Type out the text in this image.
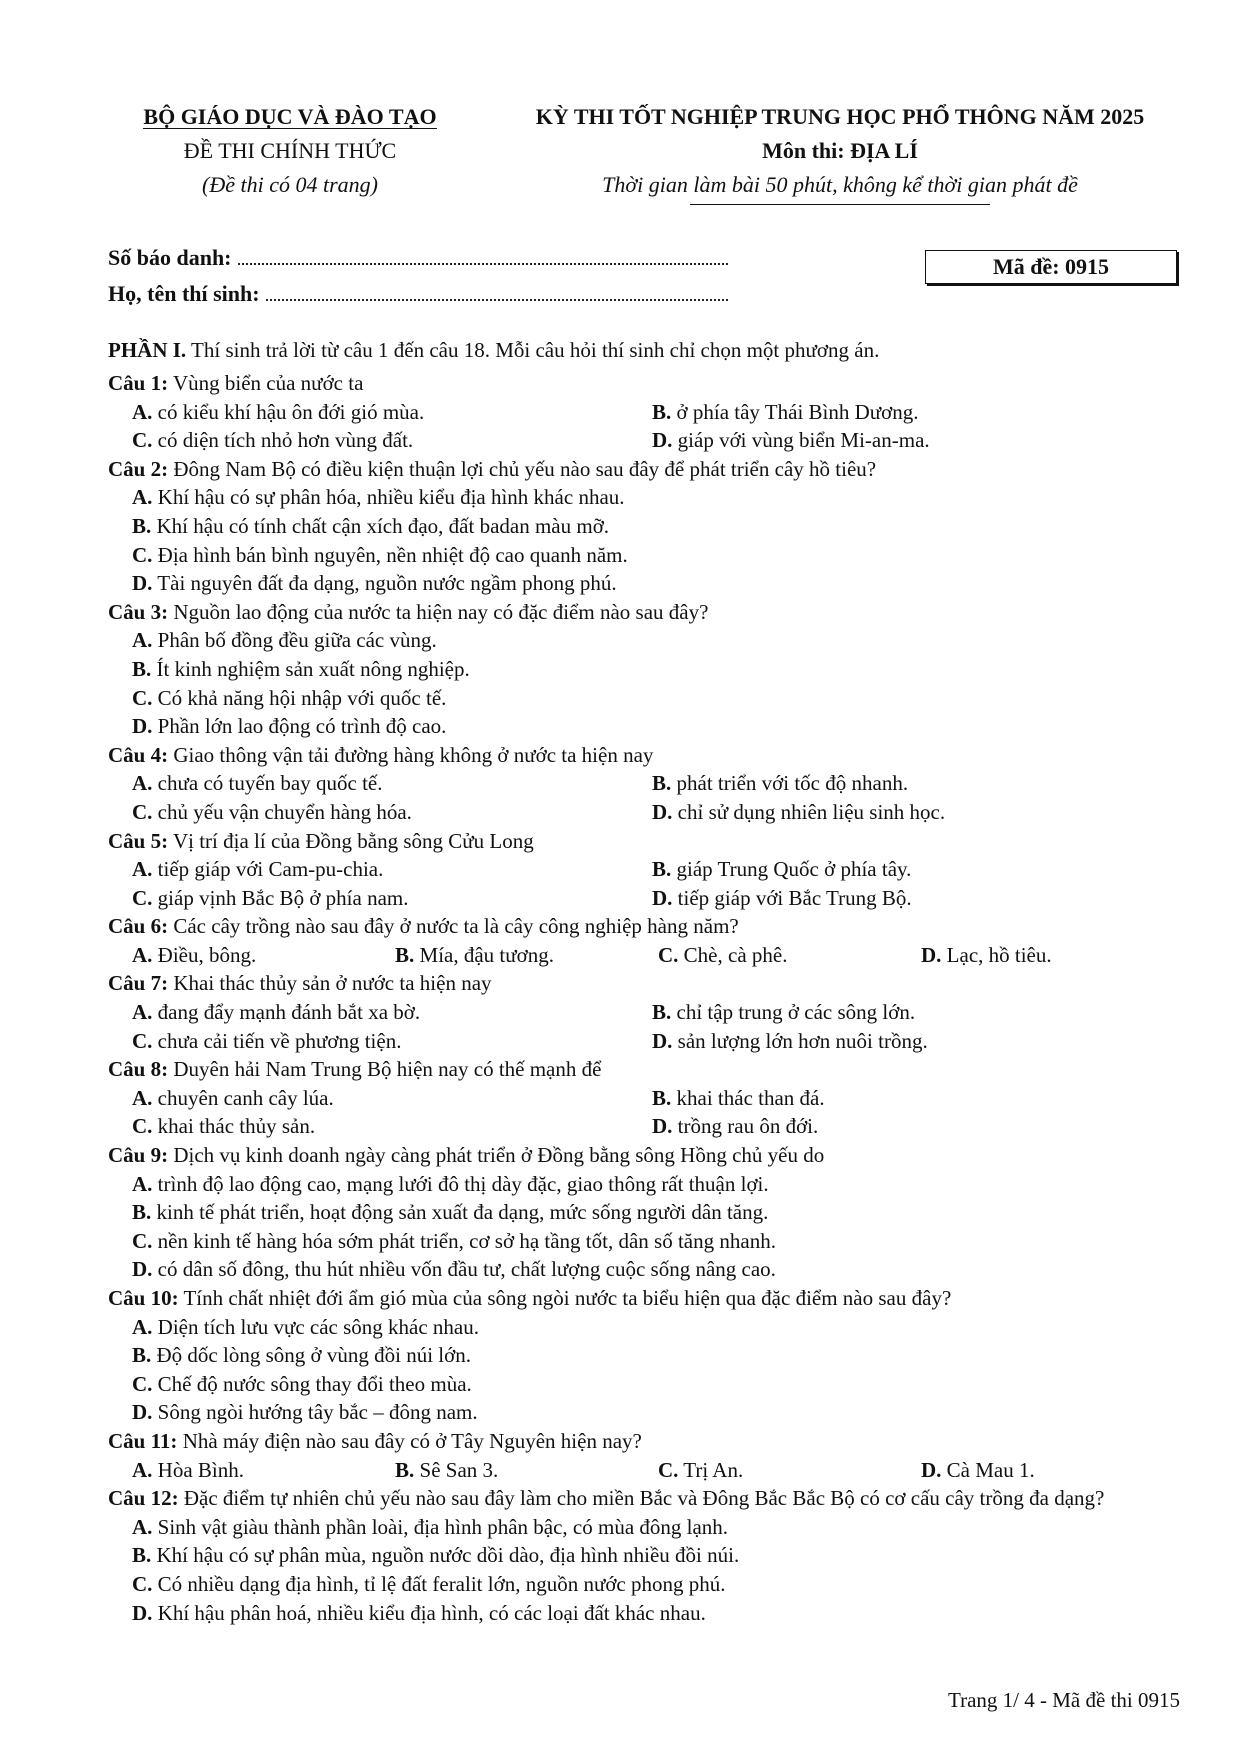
BỘ GIÁO DỤC VÀ ĐÀO TẠO
ĐỀ THI CHÍNH THỨC
(Đề thi có 04 trang)
KỲ THI TỐT NGHIỆP TRUNG HỌC PHỔ THÔNG NĂM 2025
Môn thi: ĐỊA LÍ
Thời gian làm bài 50 phút, không kể thời gian phát đề
Số báo danh:
Họ, tên thí sinh:
Mã đề: 0915
PHẦN I. Thí sinh trả lời từ câu 1 đến câu 18. Mỗi câu hỏi thí sinh chỉ chọn một phương án.
Câu 1: Vùng biển của nước ta
A. có kiểu khí hậu ôn đới gió mùa.	B. ở phía tây Thái Bình Dương.
C. có diện tích nhỏ hơn vùng đất.	D. giáp với vùng biển Mi-an-ma.
Câu 2: Đông Nam Bộ có điều kiện thuận lợi chủ yếu nào sau đây để phát triển cây hồ tiêu?
A. Khí hậu có sự phân hóa, nhiều kiểu địa hình khác nhau.
B. Khí hậu có tính chất cận xích đạo, đất badan màu mỡ.
C. Địa hình bán bình nguyên, nền nhiệt độ cao quanh năm.
D. Tài nguyên đất đa dạng, nguồn nước ngầm phong phú.
Câu 3: Nguồn lao động của nước ta hiện nay có đặc điểm nào sau đây?
A. Phân bố đồng đều giữa các vùng.
B. Ít kinh nghiệm sản xuất nông nghiệp.
C. Có khả năng hội nhập với quốc tế.
D. Phần lớn lao động có trình độ cao.
Câu 4: Giao thông vận tải đường hàng không ở nước ta hiện nay
A. chưa có tuyến bay quốc tế.	B. phát triển với tốc độ nhanh.
C. chủ yếu vận chuyển hàng hóa.	D. chỉ sử dụng nhiên liệu sinh học.
Câu 5: Vị trí địa lí của Đồng bằng sông Cửu Long
A. tiếp giáp với Cam-pu-chia.	B. giáp Trung Quốc ở phía tây.
C. giáp vịnh Bắc Bộ ở phía nam.	D. tiếp giáp với Bắc Trung Bộ.
Câu 6: Các cây trồng nào sau đây ở nước ta là cây công nghiệp hàng năm?
A. Điều, bông.	B. Mía, đậu tương.	C. Chè, cà phê.	D. Lạc, hồ tiêu.
Câu 7: Khai thác thủy sản ở nước ta hiện nay
A. đang đẩy mạnh đánh bắt xa bờ.	B. chỉ tập trung ở các sông lớn.
C. chưa cải tiến về phương tiện.	D. sản lượng lớn hơn nuôi trồng.
Câu 8: Duyên hải Nam Trung Bộ hiện nay có thế mạnh để
A. chuyên canh cây lúa.	B. khai thác than đá.
C. khai thác thủy sản.	D. trồng rau ôn đới.
Câu 9: Dịch vụ kinh doanh ngày càng phát triển ở Đồng bằng sông Hồng chủ yếu do
A. trình độ lao động cao, mạng lưới đô thị dày đặc, giao thông rất thuận lợi.
B. kinh tế phát triển, hoạt động sản xuất đa dạng, mức sống người dân tăng.
C. nền kinh tế hàng hóa sớm phát triển, cơ sở hạ tầng tốt, dân số tăng nhanh.
D. có dân số đông, thu hút nhiều vốn đầu tư, chất lượng cuộc sống nâng cao.
Câu 10: Tính chất nhiệt đới ẩm gió mùa của sông ngòi nước ta biểu hiện qua đặc điểm nào sau đây?
A. Diện tích lưu vực các sông khác nhau.
B. Độ dốc lòng sông ở vùng đồi núi lớn.
C. Chế độ nước sông thay đổi theo mùa.
D. Sông ngòi hướng tây bắc – đông nam.
Câu 11: Nhà máy điện nào sau đây có ở Tây Nguyên hiện nay?
A. Hòa Bình.	B. Sê San 3.	C. Trị An.	D. Cà Mau 1.
Câu 12: Đặc điểm tự nhiên chủ yếu nào sau đây làm cho miền Bắc và Đông Bắc Bắc Bộ có cơ cấu cây trồng đa dạng?
A. Sinh vật giàu thành phần loài, địa hình phân bậc, có mùa đông lạnh.
B. Khí hậu có sự phân mùa, nguồn nước dồi dào, địa hình nhiều đồi núi.
C. Có nhiều dạng địa hình, tỉ lệ đất feralit lớn, nguồn nước phong phú.
D. Khí hậu phân hoá, nhiều kiểu địa hình, có các loại đất khác nhau.
Trang 1/ 4 - Mã đề thi 0915
